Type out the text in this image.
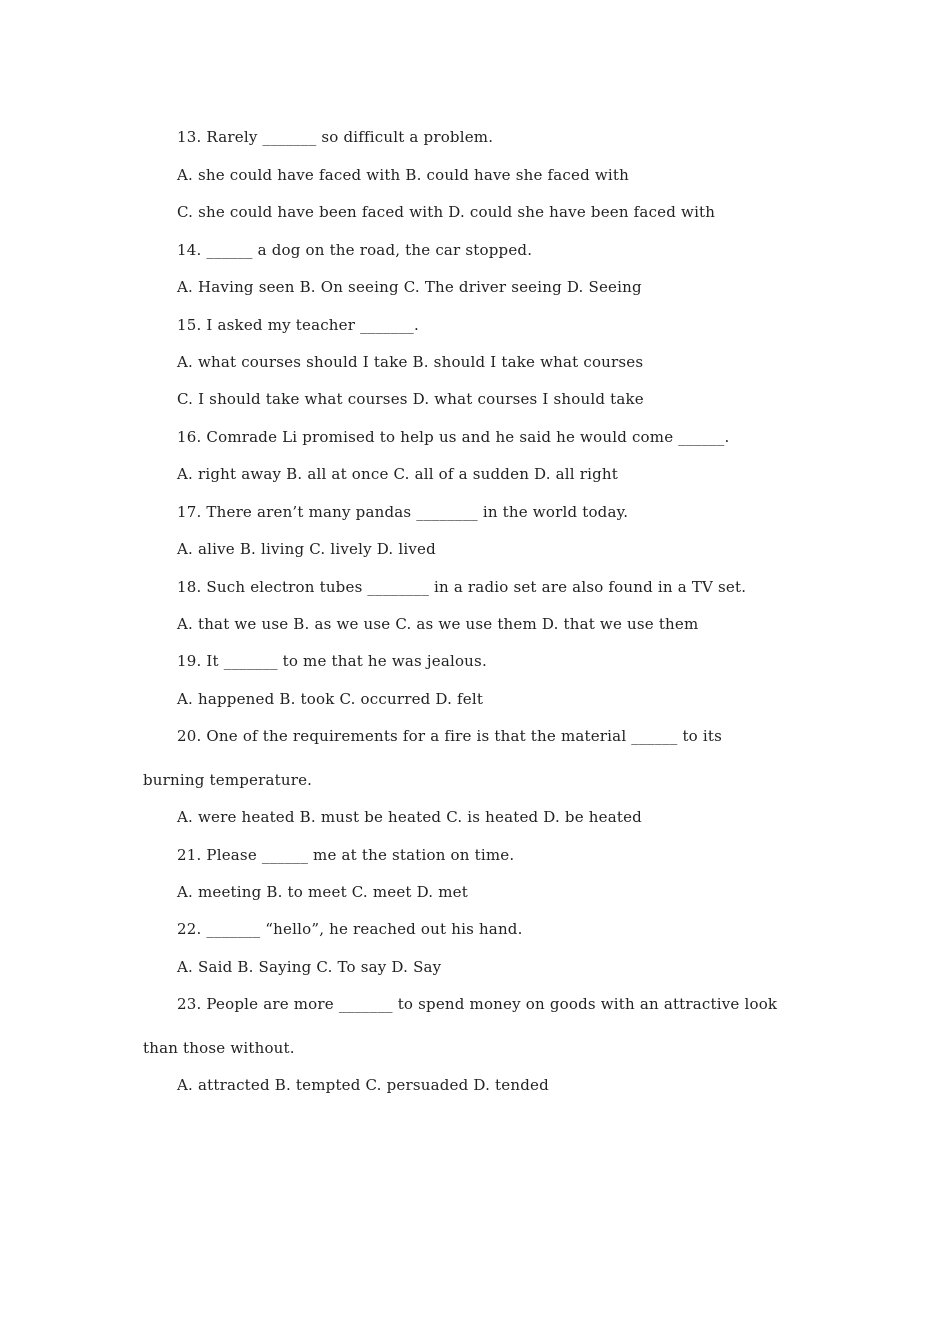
13. Rarely _______ so difficult a problem.
A. she could have faced with B. could have she faced with
C. she could have been faced with D. could she have been faced with
14. ______ a dog on the road, the car stopped.
A. Having seen B. On seeing C. The driver seeing D. Seeing
15. I asked my teacher _______.
A. what courses should I take B. should I take what courses
C. I should take what courses D. what courses I should take
16. Comrade Li promised to help us and he said he would come ______.
A. right away B. all at once C. all of a sudden D. all right
17. There aren’t many pandas ________ in the world today.
A. alive B. living C. lively D. lived
18. Such electron tubes ________ in a radio set are also found in a TV set.
A. that we use B. as we use C. as we use them D. that we use them
19. It _______ to me that he was jealous.
A. happened B. took C. occurred D. felt
20. One of the requirements for a fire is that the material ______ to its
burning temperature.
A. were heated B. must be heated C. is heated D. be heated
21. Please ______ me at the station on time.
A. meeting B. to meet C. meet D. met
22. _______ “hello”, he reached out his hand.
A. Said B. Saying C. To say D. Say
23. People are more _______ to spend money on goods with an attractive look
than those without.
A. attracted B. tempted C. persuaded D. tended
